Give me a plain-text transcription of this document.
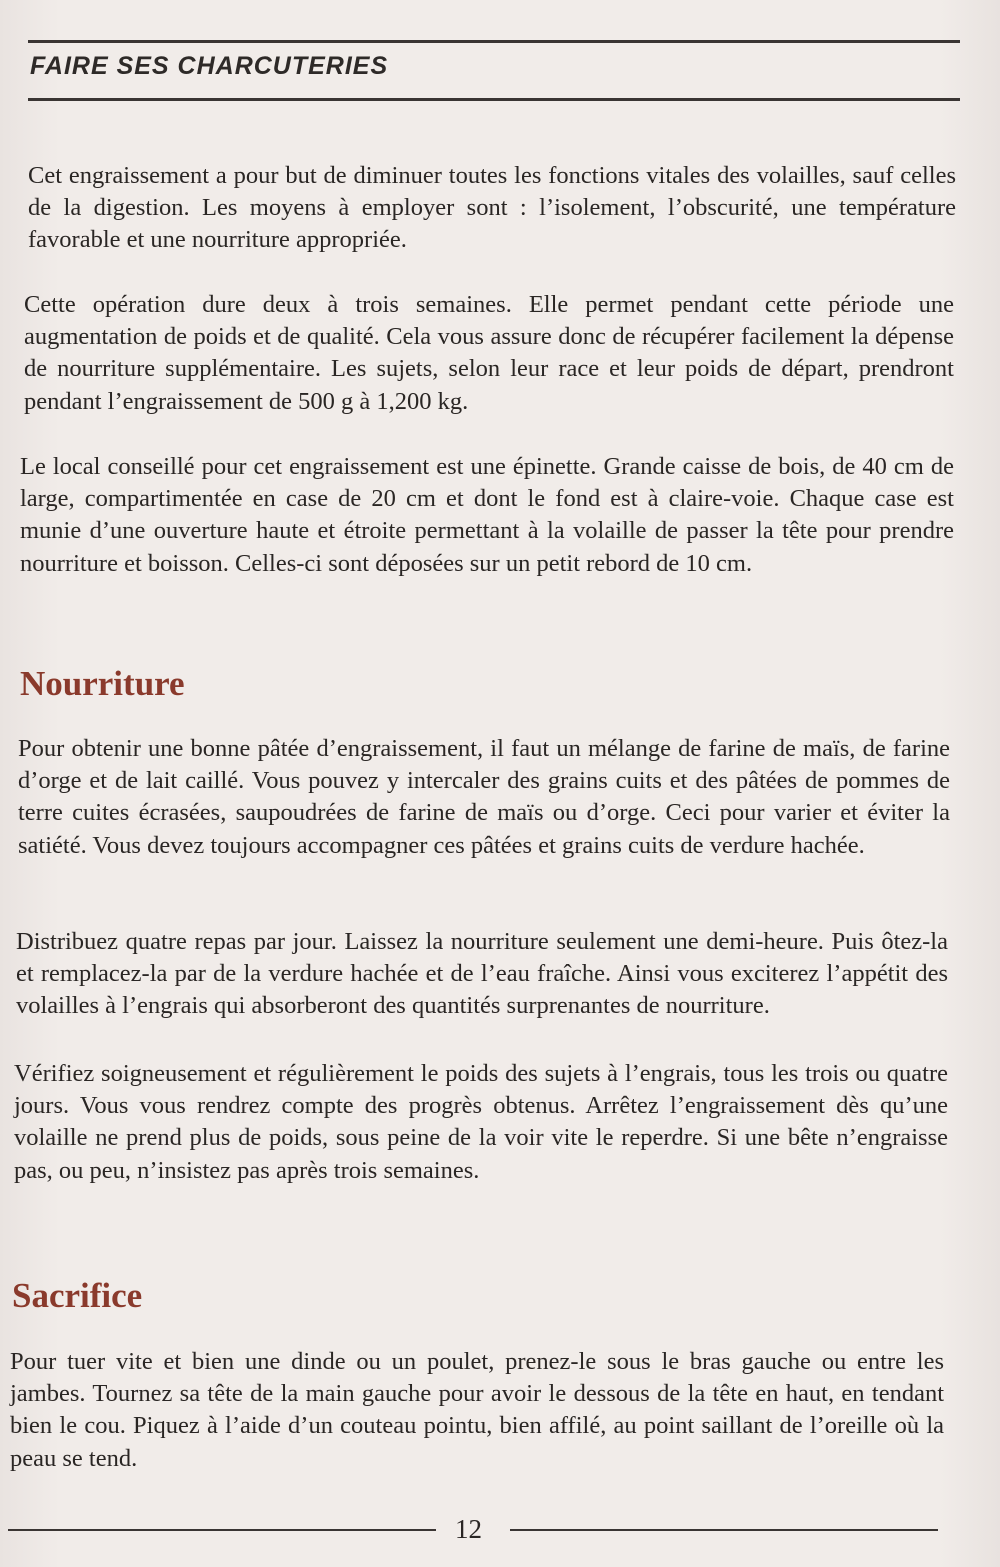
FAIRE SES CHARCUTERIES
Cet engraissement a pour but de diminuer toutes les fonctions vitales des volailles, sauf celles de la digestion. Les moyens à employer sont : l’isolement, l’obscurité, une température favorable et une nourriture appropriée.
Cette opération dure deux à trois semaines. Elle permet pendant cette période une augmentation de poids et de qualité. Cela vous assure donc de récupérer facilement la dépense de nourriture supplémentaire. Les sujets, selon leur race et leur poids de départ, prendront pendant l’engraissement de 500 g à 1,200 kg.
Le local conseillé pour cet engraissement est une épinette. Grande caisse de bois, de 40 cm de large, compartimentée en case de 20 cm et dont le fond est à claire-voie. Chaque case est munie d’une ouverture haute et étroite permettant à la volaille de passer la tête pour prendre nourriture et boisson. Celles-ci sont déposées sur un petit rebord de 10 cm.
Nourriture
Pour obtenir une bonne pâtée d’engraissement, il faut un mélange de farine de maïs, de farine d’orge et de lait caillé. Vous pouvez y intercaler des grains cuits et des pâtées de pommes de terre cuites écrasées, saupoudrées de farine de maïs ou d’orge. Ceci pour varier et éviter la satiété. Vous devez toujours accompagner ces pâtées et grains cuits de verdure hachée.
Distribuez quatre repas par jour. Laissez la nourriture seulement une demi-heure. Puis ôtez-la et remplacez-la par de la verdure hachée et de l’eau fraîche. Ainsi vous exciterez l’appétit des volailles à l’engrais qui absorberont des quantités surprenantes de nourriture.
Vérifiez soigneusement et régulièrement le poids des sujets à l’engrais, tous les trois ou quatre jours. Vous vous rendrez compte des progrès obtenus. Arrêtez l’engraissement dès qu’une volaille ne prend plus de poids, sous peine de la voir vite le reperdre. Si une bête n’engraisse pas, ou peu, n’insistez pas après trois semaines.
Sacrifice
Pour tuer vite et bien une dinde ou un poulet, prenez-le sous le bras gauche ou entre les jambes. Tournez sa tête de la main gauche pour avoir le dessous de la tête en haut, en tendant bien le cou. Piquez à l’aide d’un couteau pointu, bien affilé, au point saillant de l’oreille où la peau se tend.
12
